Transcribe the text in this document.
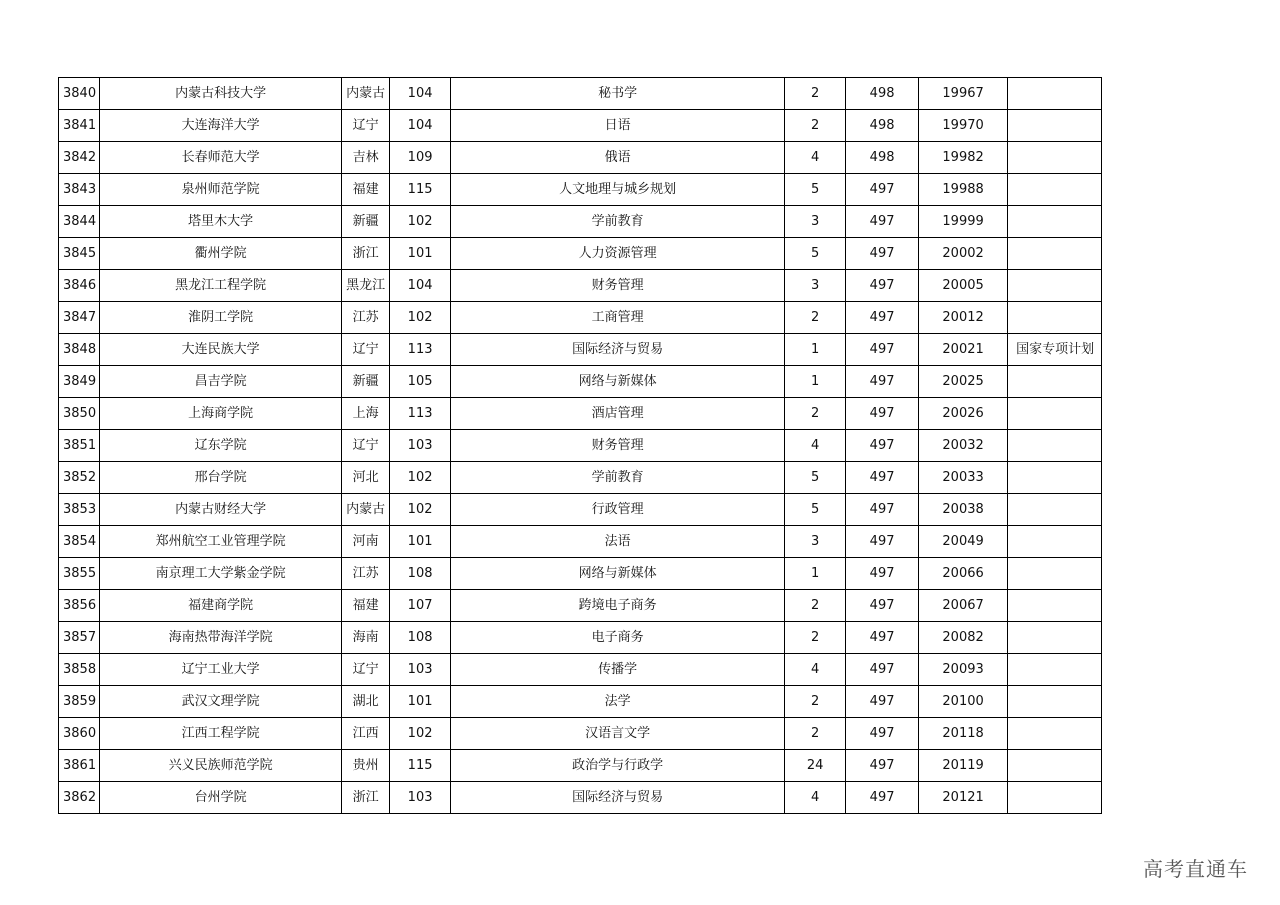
3840	内蒙古科技大学	内蒙古	104	秘书学	2	498	19967	
3841	大连海洋大学	辽宁	104	日语	2	498	19970	
3842	长春师范大学	吉林	109	俄语	4	498	19982	
3843	泉州师范学院	福建	115	人文地理与城乡规划	5	497	19988	
3844	塔里木大学	新疆	102	学前教育	3	497	19999	
3845	衢州学院	浙江	101	人力资源管理	5	497	20002	
3846	黑龙江工程学院	黑龙江	104	财务管理	3	497	20005	
3847	淮阴工学院	江苏	102	工商管理	2	497	20012	
3848	大连民族大学	辽宁	113	国际经济与贸易	1	497	20021	国家专项计划
3849	昌吉学院	新疆	105	网络与新媒体	1	497	20025	
3850	上海商学院	上海	113	酒店管理	2	497	20026	
3851	辽东学院	辽宁	103	财务管理	4	497	20032	
3852	邢台学院	河北	102	学前教育	5	497	20033	
3853	内蒙古财经大学	内蒙古	102	行政管理	5	497	20038	
3854	郑州航空工业管理学院	河南	101	法语	3	497	20049	
3855	南京理工大学紫金学院	江苏	108	网络与新媒体	1	497	20066	
3856	福建商学院	福建	107	跨境电子商务	2	497	20067	
3857	海南热带海洋学院	海南	108	电子商务	2	497	20082	
3858	辽宁工业大学	辽宁	103	传播学	4	497	20093	
3859	武汉文理学院	湖北	101	法学	2	497	20100	
3860	江西工程学院	江西	102	汉语言文学	2	497	20118	
3861	兴义民族师范学院	贵州	115	政治学与行政学	24	497	20119	
3862	台州学院	浙江	103	国际经济与贸易	4	497	20121	
高考直通车
